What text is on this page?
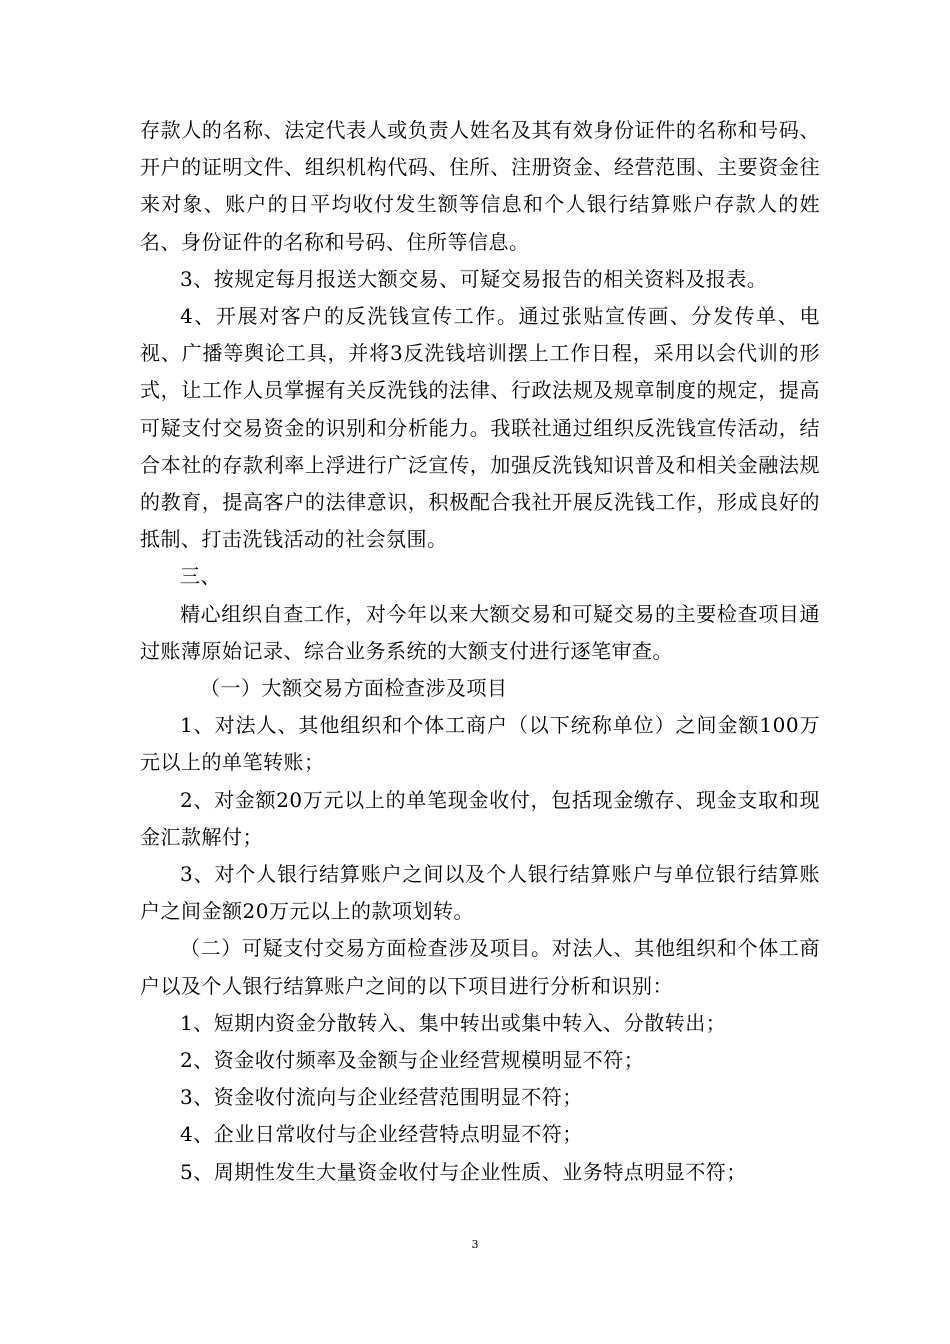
存款人的名称、法定代表人或负责人姓名及其有效身份证件的名称和号码、开户的证明文件、组织机构代码、住所、注册资金、经营范围、主要资金往来对象、账户的日平均收付发生额等信息和个人银行结算账户存款人的姓名、身份证件的名称和号码、住所等信息。

3、按规定每月报送大额交易、可疑交易报告的相关资料及报表。

4、开展对客户的反洗钱宣传工作。通过张贴宣传画、分发传单、电视、广播等舆论工具，并将3反洗钱培训摆上工作日程，采用以会代训的形式，让工作人员掌握有关反洗钱的法律、行政法规及规章制度的规定，提高可疑支付交易资金的识别和分析能力。我联社通过组织反洗钱宣传活动，结合本社的存款利率上浮进行广泛宣传，加强反洗钱知识普及和相关金融法规的教育，提高客户的法律意识，积极配合我社开展反洗钱工作，形成良好的抵制、打击洗钱活动的社会氛围。

三、

精心组织自查工作，对今年以来大额交易和可疑交易的主要检查项目通过账薄原始记录、综合业务系统的大额支付进行逐笔审查。

（一）大额交易方面检查涉及项目

1、对法人、其他组织和个体工商户（以下统称单位）之间金额100万元以上的单笔转账；

2、对金额20万元以上的单笔现金收付，包括现金缴存、现金支取和现金汇款解付；

3、对个人银行结算账户之间以及个人银行结算账户与单位银行结算账户之间金额20万元以上的款项划转。

（二）可疑支付交易方面检查涉及项目。对法人、其他组织和个体工商户以及个人银行结算账户之间的以下项目进行分析和识别：

1、短期内资金分散转入、集中转出或集中转入、分散转出；

2、资金收付频率及金额与企业经营规模明显不符；

3、资金收付流向与企业经营范围明显不符；

4、企业日常收付与企业经营特点明显不符；

5、周期性发生大量资金收付与企业性质、业务特点明显不符；

3
